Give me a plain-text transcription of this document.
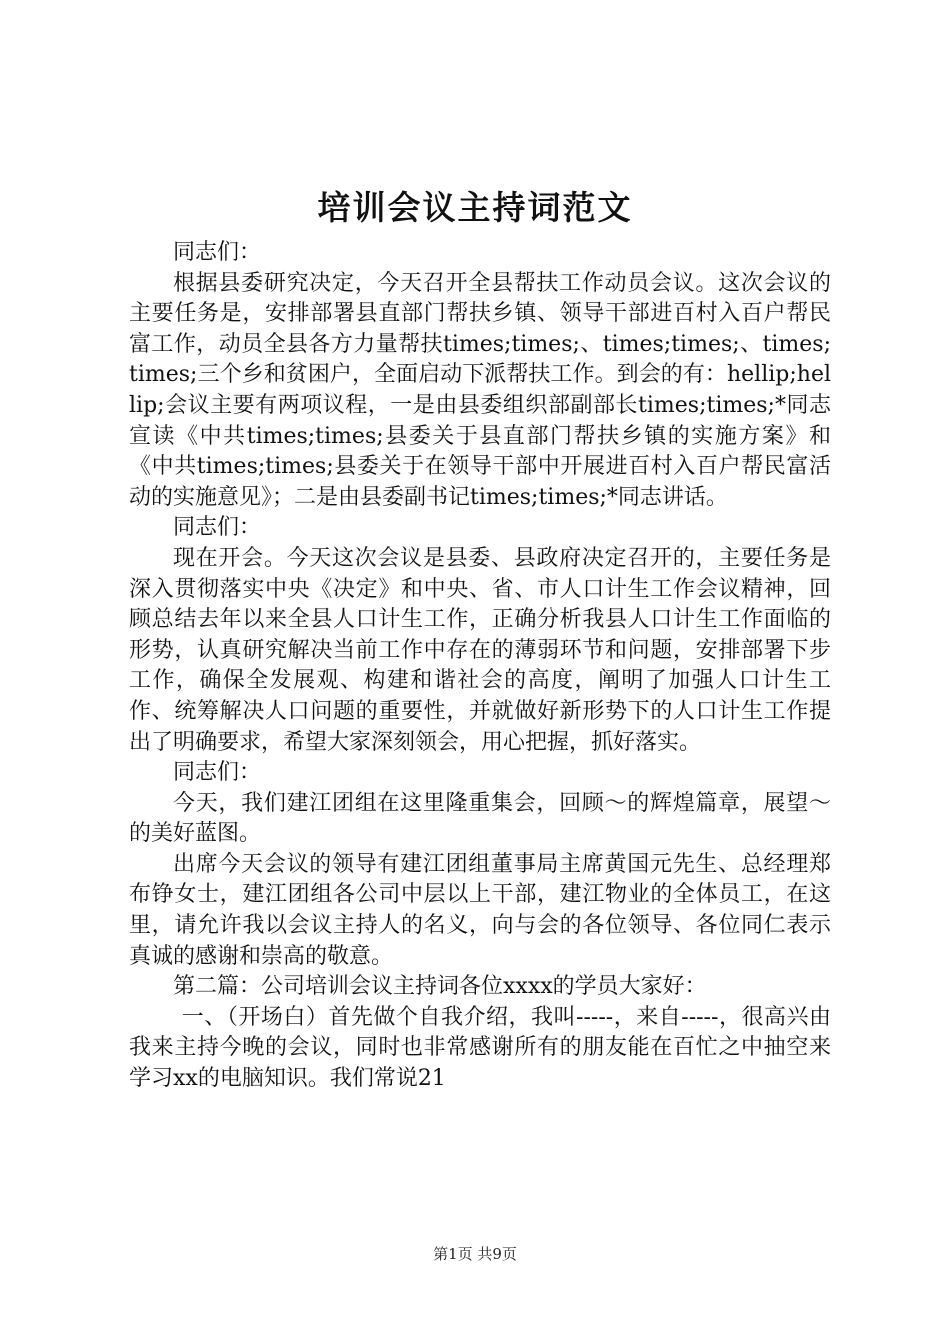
培训会议主持词范文

同志们：

根据县委研究决定，今天召开全县帮扶工作动员会议。这次会议的主要任务是，安排部署县直部门帮扶乡镇、领导干部进百村入百户帮民富工作，动员全县各方力量帮扶times;times;、times;times;、times;times;三个乡和贫困户，全面启动下派帮扶工作。到会的有：hellip;hellip;会议主要有两项议程，一是由县委组织部副部长times;times;*同志宣读《中共times;times;县委关于县直部门帮扶乡镇的实施方案》和《中共times;times;县委关于在领导干部中开展进百村入百户帮民富活动的实施意见》；二是由县委副书记times;times;*同志讲话。

同志们：

现在开会。今天这次会议是县委、县政府决定召开的，主要任务是深入贯彻落实中央《决定》和中央、省、市人口计生工作会议精神，回顾总结去年以来全县人口计生工作，正确分析我县人口计生工作面临的形势，认真研究解决当前工作中存在的薄弱环节和问题，安排部署下步工作，确保全发展观、构建和谐社会的高度，阐明了加强人口计生工作、统筹解决人口问题的重要性，并就做好新形势下的人口计生工作提出了明确要求，希望大家深刻领会，用心把握，抓好落实。

同志们：

今天，我们建江团组在这里隆重集会，回顾～的辉煌篇章，展望～的美好蓝图。

出席今天会议的领导有建江团组董事局主席黄国元先生、总经理郑布铮女士，建江团组各公司中层以上干部，建江物业的全体员工，在这里，请允许我以会议主持人的名义，向与会的各位领导、各位同仁表示真诚的感谢和崇高的敬意。

第二篇：公司培训会议主持词各位xxxx的学员大家好：

一、（开场白）首先做个自我介绍，我叫-----，来自-----，很高兴由我来主持今晚的会议，同时也非常感谢所有的朋友能在百忙之中抽空来学习xx的电脑知识。我们常说21

第1页 共9页
